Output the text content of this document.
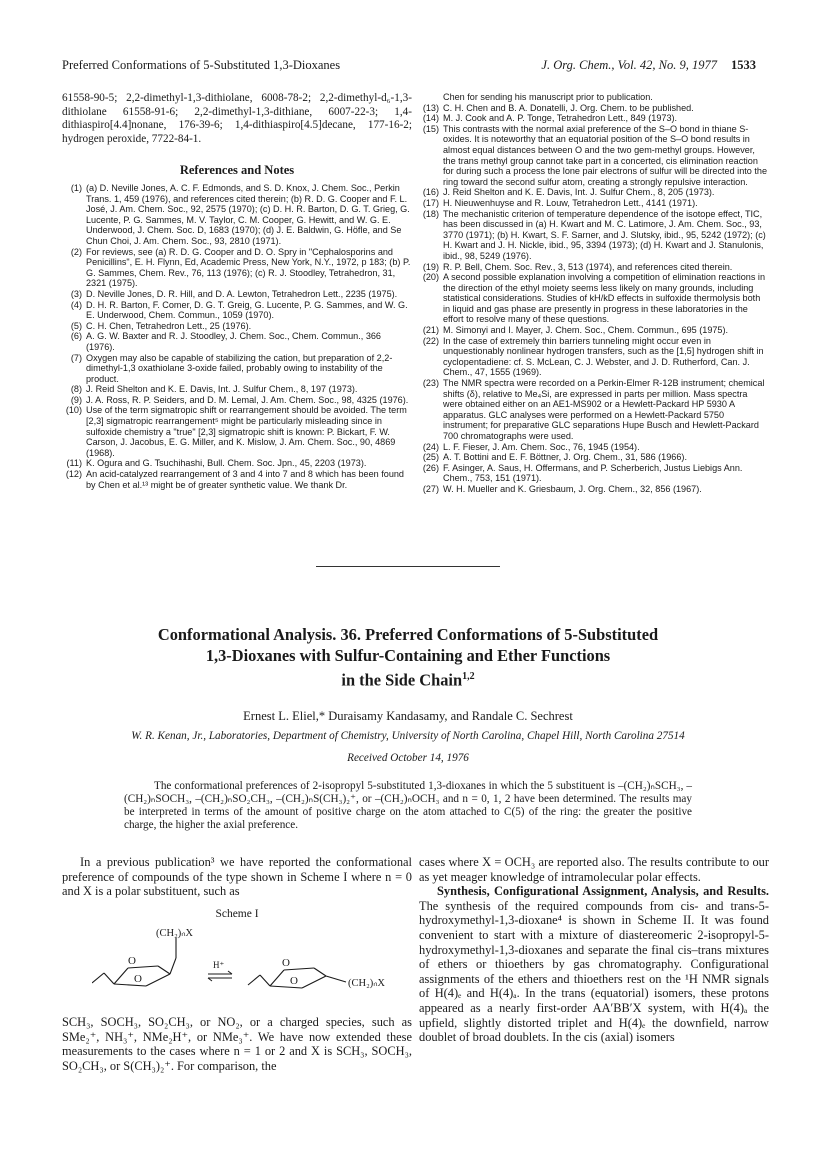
Preferred Conformations of 5-Substituted 1,3-Dioxanes	J. Org. Chem., Vol. 42, No. 9, 1977 1533
61558-90-5; 2,2-dimethyl-1,3-dithiolane, 6008-78-2; 2,2-dimethyl-d₆-1,3-dithiolane 61558-91-6; 2,2-dimethyl-1,3-dithiane, 6007-22-3; 1,4-dithiaspiro[4.4]nonane, 176-39-6; 1,4-dithiaspiro[4.5]decane, 177-16-2; hydrogen peroxide, 7722-84-1.
References and Notes
(1) (a) D. Neville Jones, A. C. F. Edmonds, and S. D. Knox, J. Chem. Soc., Perkin Trans. 1, 459 (1976), and references cited therein; (b) R. D. G. Cooper and F. L. José, J. Am. Chem. Soc., 92, 2575 (1970); (c) D. H. R. Barton, D. G. T. Grieg, G. Lucente, P. G. Sammes, M. V. Taylor, C. M. Cooper, G. Hewitt, and W. G. E. Underwood, J. Chem. Soc. D, 1683 (1970); (d) J. E. Baldwin, G. Höfle, and Se Chun Choi, J. Am. Chem. Soc., 93, 2810 (1971).
(2) For reviews, see (a) R. D. G. Cooper and D. O. Spry in "Cephalosporins and Penicillins", E. H. Flynn, Ed, Academic Press, New York, N.Y., 1972, p 183; (b) P. G. Sammes, Chem. Rev., 76, 113 (1976); (c) R. J. Stoodley, Tetrahedron, 31, 2321 (1975).
(3) D. Neville Jones, D. R. Hill, and D. A. Lewton, Tetrahedron Lett., 2235 (1975).
(4) D. H. R. Barton, F. Comer, D. G. T. Greig, G. Lucente, P. G. Sammes, and W. G. E. Underwood, Chem. Commun., 1059 (1970).
(5) C. H. Chen, Tetrahedron Lett., 25 (1976).
(6) A. G. W. Baxter and R. J. Stoodley, J. Chem. Soc., Chem. Commun., 366 (1976).
(7) Oxygen may also be capable of stabilizing the cation, but preparation of 2,2-dimethyl-1,3 oxathiolane 3-oxide failed, probably owing to instability of the product.
(8) J. Reid Shelton and K. E. Davis, Int. J. Sulfur Chem., 8, 197 (1973).
(9) J. A. Ross, R. P. Seiders, and D. M. Lemal, J. Am. Chem. Soc., 98, 4325 (1976).
(10) Use of the term sigmatropic shift or rearrangement should be avoided. The term [2,3] sigmatropic rearrangement⁵ might be particularly misleading since in sulfoxide chemistry a "true" [2,3] sigmatropic shift is known: P. Bickart, F. W. Carson, J. Jacobus, E. G. Miller, and K. Mislow, J. Am. Chem. Soc., 90, 4869 (1968).
(11) K. Ogura and G. Tsuchihashi, Bull. Chem. Soc. Jpn., 45, 2203 (1973).
(12) An acid-catalyzed rearrangement of 3 and 4 into 7 and 8 which has been found by Chen et al.¹³ might be of greater synthetic value. We thank Dr.
Chen for sending his manuscript prior to publication.
(13) C. H. Chen and B. A. Donatelli, J. Org. Chem. to be published.
(14) M. J. Cook and A. P. Tonge, Tetrahedron Lett., 849 (1973).
(15) This contrasts with the normal axial preference of the S–O bond in thiane S-oxides. It is noteworthy that an equatorial position of the S–O bond results in almost equal distances between O and the two gem-methyl groups. However, the trans methyl group cannot take part in a concerted, cis elimination reaction for during such a process the lone pair electrons of sulfur will be directed into the ring toward the second sulfur atom, creating a strongly repulsive interaction.
(16) J. Reid Shelton and K. E. Davis, Int. J. Sulfur Chem., 8, 205 (1973).
(17) H. Nieuwenhuyse and R. Louw, Tetrahedron Lett., 4141 (1971).
(18) The mechanistic criterion of temperature dependence of the isotope effect, TIC, has been discussed in (a) H. Kwart and M. C. Latimore, J. Am. Chem. Soc., 93, 3770 (1971); (b) H. Kwart, S. F. Sarner, and J. Slutsky, ibid., 95, 5242 (1972); (c) H. Kwart and J. H. Nickle, ibid., 95, 3394 (1973); (d) H. Kwart and J. Stanulonis, ibid., 98, 5249 (1976).
(19) R. P. Bell, Chem. Soc. Rev., 3, 513 (1974), and references cited therein.
(20) A second possible explanation involving a competition of elimination reactions in the direction of the ethyl moiety seems less likely on many grounds, including statistical considerations. Studies of kH/kD effects in sulfoxide thermolysis both in liquid and gas phase are presently in progress in these laboratories in the effort to resolve many of these questions.
(21) M. Simonyi and I. Mayer, J. Chem. Soc., Chem. Commun., 695 (1975).
(22) In the case of extremely thin barriers tunneling might occur even in unquestionably nonlinear hydrogen transfers, such as the [1,5] hydrogen shift in cyclopentadiene: cf. S. McLean, C. J. Webster, and J. D. Rutherford, Can. J. Chem., 47, 1555 (1969).
(23) The NMR spectra were recorded on a Perkin-Elmer R-12B instrument; chemical shifts (δ), relative to Me₄Si, are expressed in parts per million. Mass spectra were obtained either on an AE1-MS902 or a Hewlett-Packard HP 5930 A apparatus. GLC analyses were performed on a Hewlett-Packard 5750 instrument; for preparative GLC separations Hupe Busch and Hewlett-Packard 700 chromatographs were used.
(24) L. F. Fieser, J. Am. Chem. Soc., 76, 1945 (1954).
(25) A. T. Bottini and E. F. Böttner, J. Org. Chem., 31, 586 (1966).
(26) F. Asinger, A. Saus, H. Offermans, and P. Scherberich, Justus Liebigs Ann. Chem., 753, 151 (1971).
(27) W. H. Mueller and K. Griesbaum, J. Org. Chem., 32, 856 (1967).
Conformational Analysis. 36. Preferred Conformations of 5-Substituted
1,3-Dioxanes with Sulfur-Containing and Ether Functions
in the Side Chain$^{1,2}$
Ernest L. Eliel,* Duraisamy Kandasamy, and Randale C. Sechrest
W. R. Kenan, Jr., Laboratories, Department of Chemistry, University of North Carolina, Chapel Hill, North Carolina 27514
Received October 14, 1976
The conformational preferences of 2-isopropyl 5-substituted 1,3-dioxanes in which the 5 substituent is –(CH₂)ₙSCH₃, –(CH₂)ₙSOCH₃, –(CH₂)ₙSO₂CH₃, –(CH₂)ₙS(CH₃)₂⁺, or –(CH₂)ₙOCH₃ and n = 0, 1, 2 have been determined. The results may be interpreted in terms of the amount of positive charge on the atom attached to C(5) of the ring: the greater the positive charge, the higher the axial preference.

In a previous publication³ we have reported the conformational preference of compounds of the type shown in Scheme I where n = 0 and X is a polar substituent, such as

Scheme I
O
O
(CH₂)ₙX
H⁺	O
O	(CH₂)ₙX

SCH₃, SOCH₃, SO₂CH₃, or NO₂, or a charged species, such as SMe₂⁺, NH₃⁺, NMe₂H⁺, or NMe₃⁺. We have now extended these measurements to the cases where n = 1 or 2 and X is SCH₃, SOCH₃, SO₂CH₃, or S(CH₃)₂⁺. For comparison, the

cases where X = OCH₃ are reported also. The results contribute to our as yet meager knowledge of intramolecular polar effects.

Synthesis, Configurational Assignment, Analysis, and Results. The synthesis of the required compounds from cis- and trans-5-hydroxymethyl-1,3-dioxane⁴ is shown in Scheme II. It was found convenient to start with a mixture of diastereomeric 2-isopropyl-5-hydroxymethyl-1,3-dioxanes and separate the final cis–trans mixtures of ethers or thioethers by gas chromatography. Configurational assignments of the ethers and thioethers rest on the ¹H NMR signals of H(4)ₑ and H(4)ₐ. In the trans (equatorial) isomers, these protons appeared as a nearly first-order AA′BB′X system, with H(4)ₐ the upfield, slightly distorted triplet and H(4)ₑ the downfield, narrow doublet of broad doublets. In the cis (axial) isomers
